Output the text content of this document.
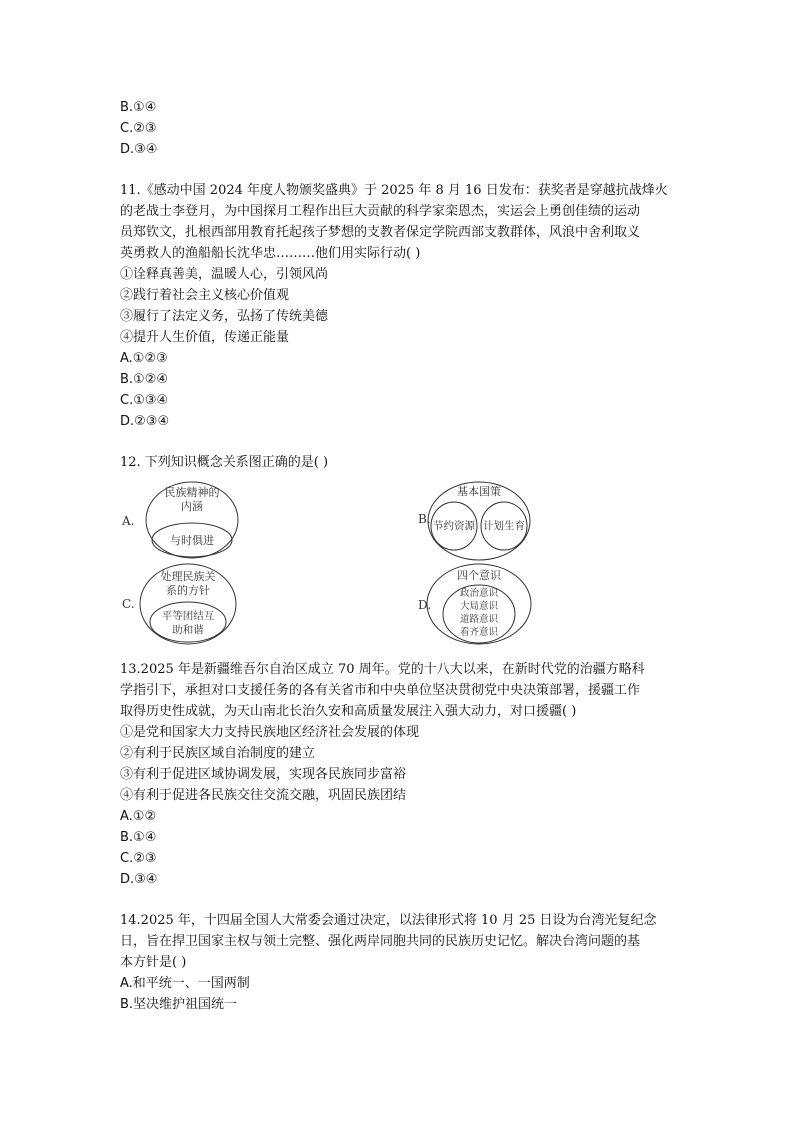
B.①④
C.②③
D.③④
11.《感动中国 2024 年度人物颁奖盛典》于 2025 年 8 月 16 日发布：获奖者是穿越抗战烽火
的老战士李登月，为中国探月工程作出巨大贡献的科学家栾恩杰，实运会上勇创佳绩的运动
员郑钦文，扎根西部用教育托起孩子梦想的支教者保定学院西部支教群体，风浪中舍利取义
英勇救人的渔船船长沈华忠………他们用实际行动( )
①诠释真善美，温暖人心，引领风尚
②践行着社会主义核心价值观
③履行了法定义务，弘扬了传统美德
④提升人生价值，传递正能量
A.①②③
B.①②④
C.①③④
D.②③④
12. 下列知识概念关系图正确的是( )
A.
民族精神的
内涵
与时俱进
B.
基本国策
节约资源 计划生育
C.
处理民族关
系的方针
平等团结互
助和谐
D.
四个意识
政治意识
大局意识
道路意识
看齐意识
13.2025 年是新疆维吾尔自治区成立 70 周年。党的十八大以来，在新时代党的治疆方略科
学指引下，承担对口支援任务的各有关省市和中央单位坚决贯彻党中央决策部署，援疆工作
取得历史性成就，为天山南北长治久安和高质量发展注入强大动力，对口援疆( )
①是党和国家大力支持民族地区经济社会发展的体现
②有利于民族区域自治制度的建立
③有利于促进区域协调发展，实现各民族同步富裕
④有利于促进各民族交往交流交融，巩固民族团结
A.①②
B.①④
C.②③
D.③④
14.2025 年，十四届全国人大常委会通过决定，以法律形式将 10 月 25 日设为台湾光复纪念
日，旨在捍卫国家主权与领土完整、强化两岸同胞共同的民族历史记忆。解决台湾问题的基
本方针是( )
A.和平统一、一国两制
B.坚决维护祖国统一
